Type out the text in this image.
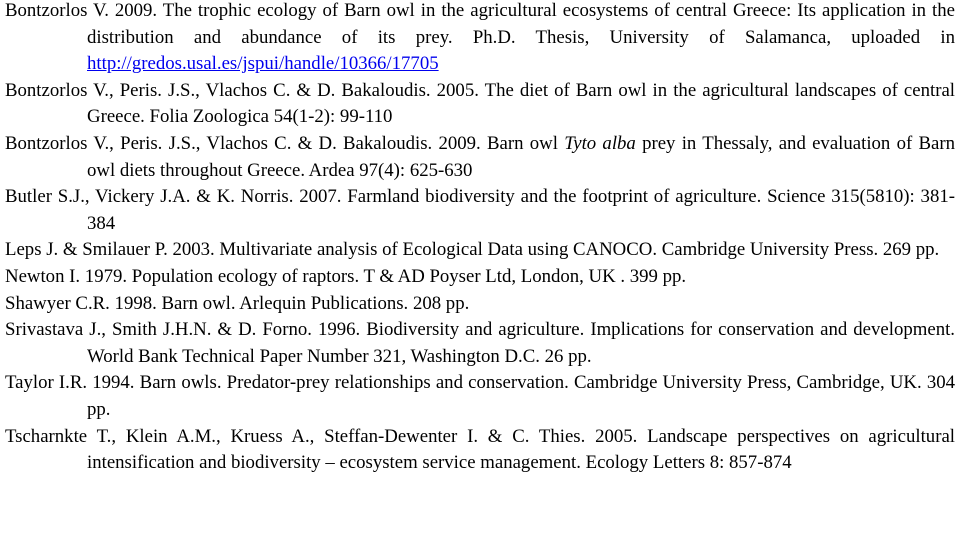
Bontzorlos V. 2009. The trophic ecology of Barn owl in the agricultural ecosystems of central Greece: Its application in the distribution and abundance of its prey. Ph.D. Thesis, University of Salamanca, uploaded in http://gredos.usal.es/jspui/handle/10366/17705

Bontzorlos V., Peris. J.S., Vlachos C. & D. Bakaloudis. 2005. The diet of Barn owl in the agricultural landscapes of central Greece. Folia Zoologica 54(1-2): 99-110

Bontzorlos V., Peris. J.S., Vlachos C. & D. Bakaloudis. 2009. Barn owl Tyto alba prey in Thessaly, and evaluation of Barn owl diets throughout Greece. Ardea 97(4): 625-630

Butler S.J., Vickery J.A. & K. Norris. 2007. Farmland biodiversity and the footprint of agriculture. Science 315(5810): 381-384

Leps J. & Smilauer P. 2003. Multivariate analysis of Ecological Data using CANOCO. Cambridge University Press. 269 pp.

Newton I. 1979. Population ecology of raptors. T & AD Poyser Ltd, London, UK . 399 pp.

Shawyer C.R. 1998. Barn owl. Arlequin Publications. 208 pp.

Srivastava J., Smith J.H.N. & D. Forno. 1996. Biodiversity and agriculture. Implications for conservation and development. World Bank Technical Paper Number 321, Washington D.C. 26 pp.

Taylor I.R. 1994. Barn owls. Predator-prey relationships and conservation. Cambridge University Press, Cambridge, UK. 304 pp.

Tscharnkte T., Klein A.M., Kruess A., Steffan-Dewenter I. & C. Thies. 2005. Landscape perspectives on agricultural intensification and biodiversity – ecosystem service management. Ecology Letters 8: 857-874
